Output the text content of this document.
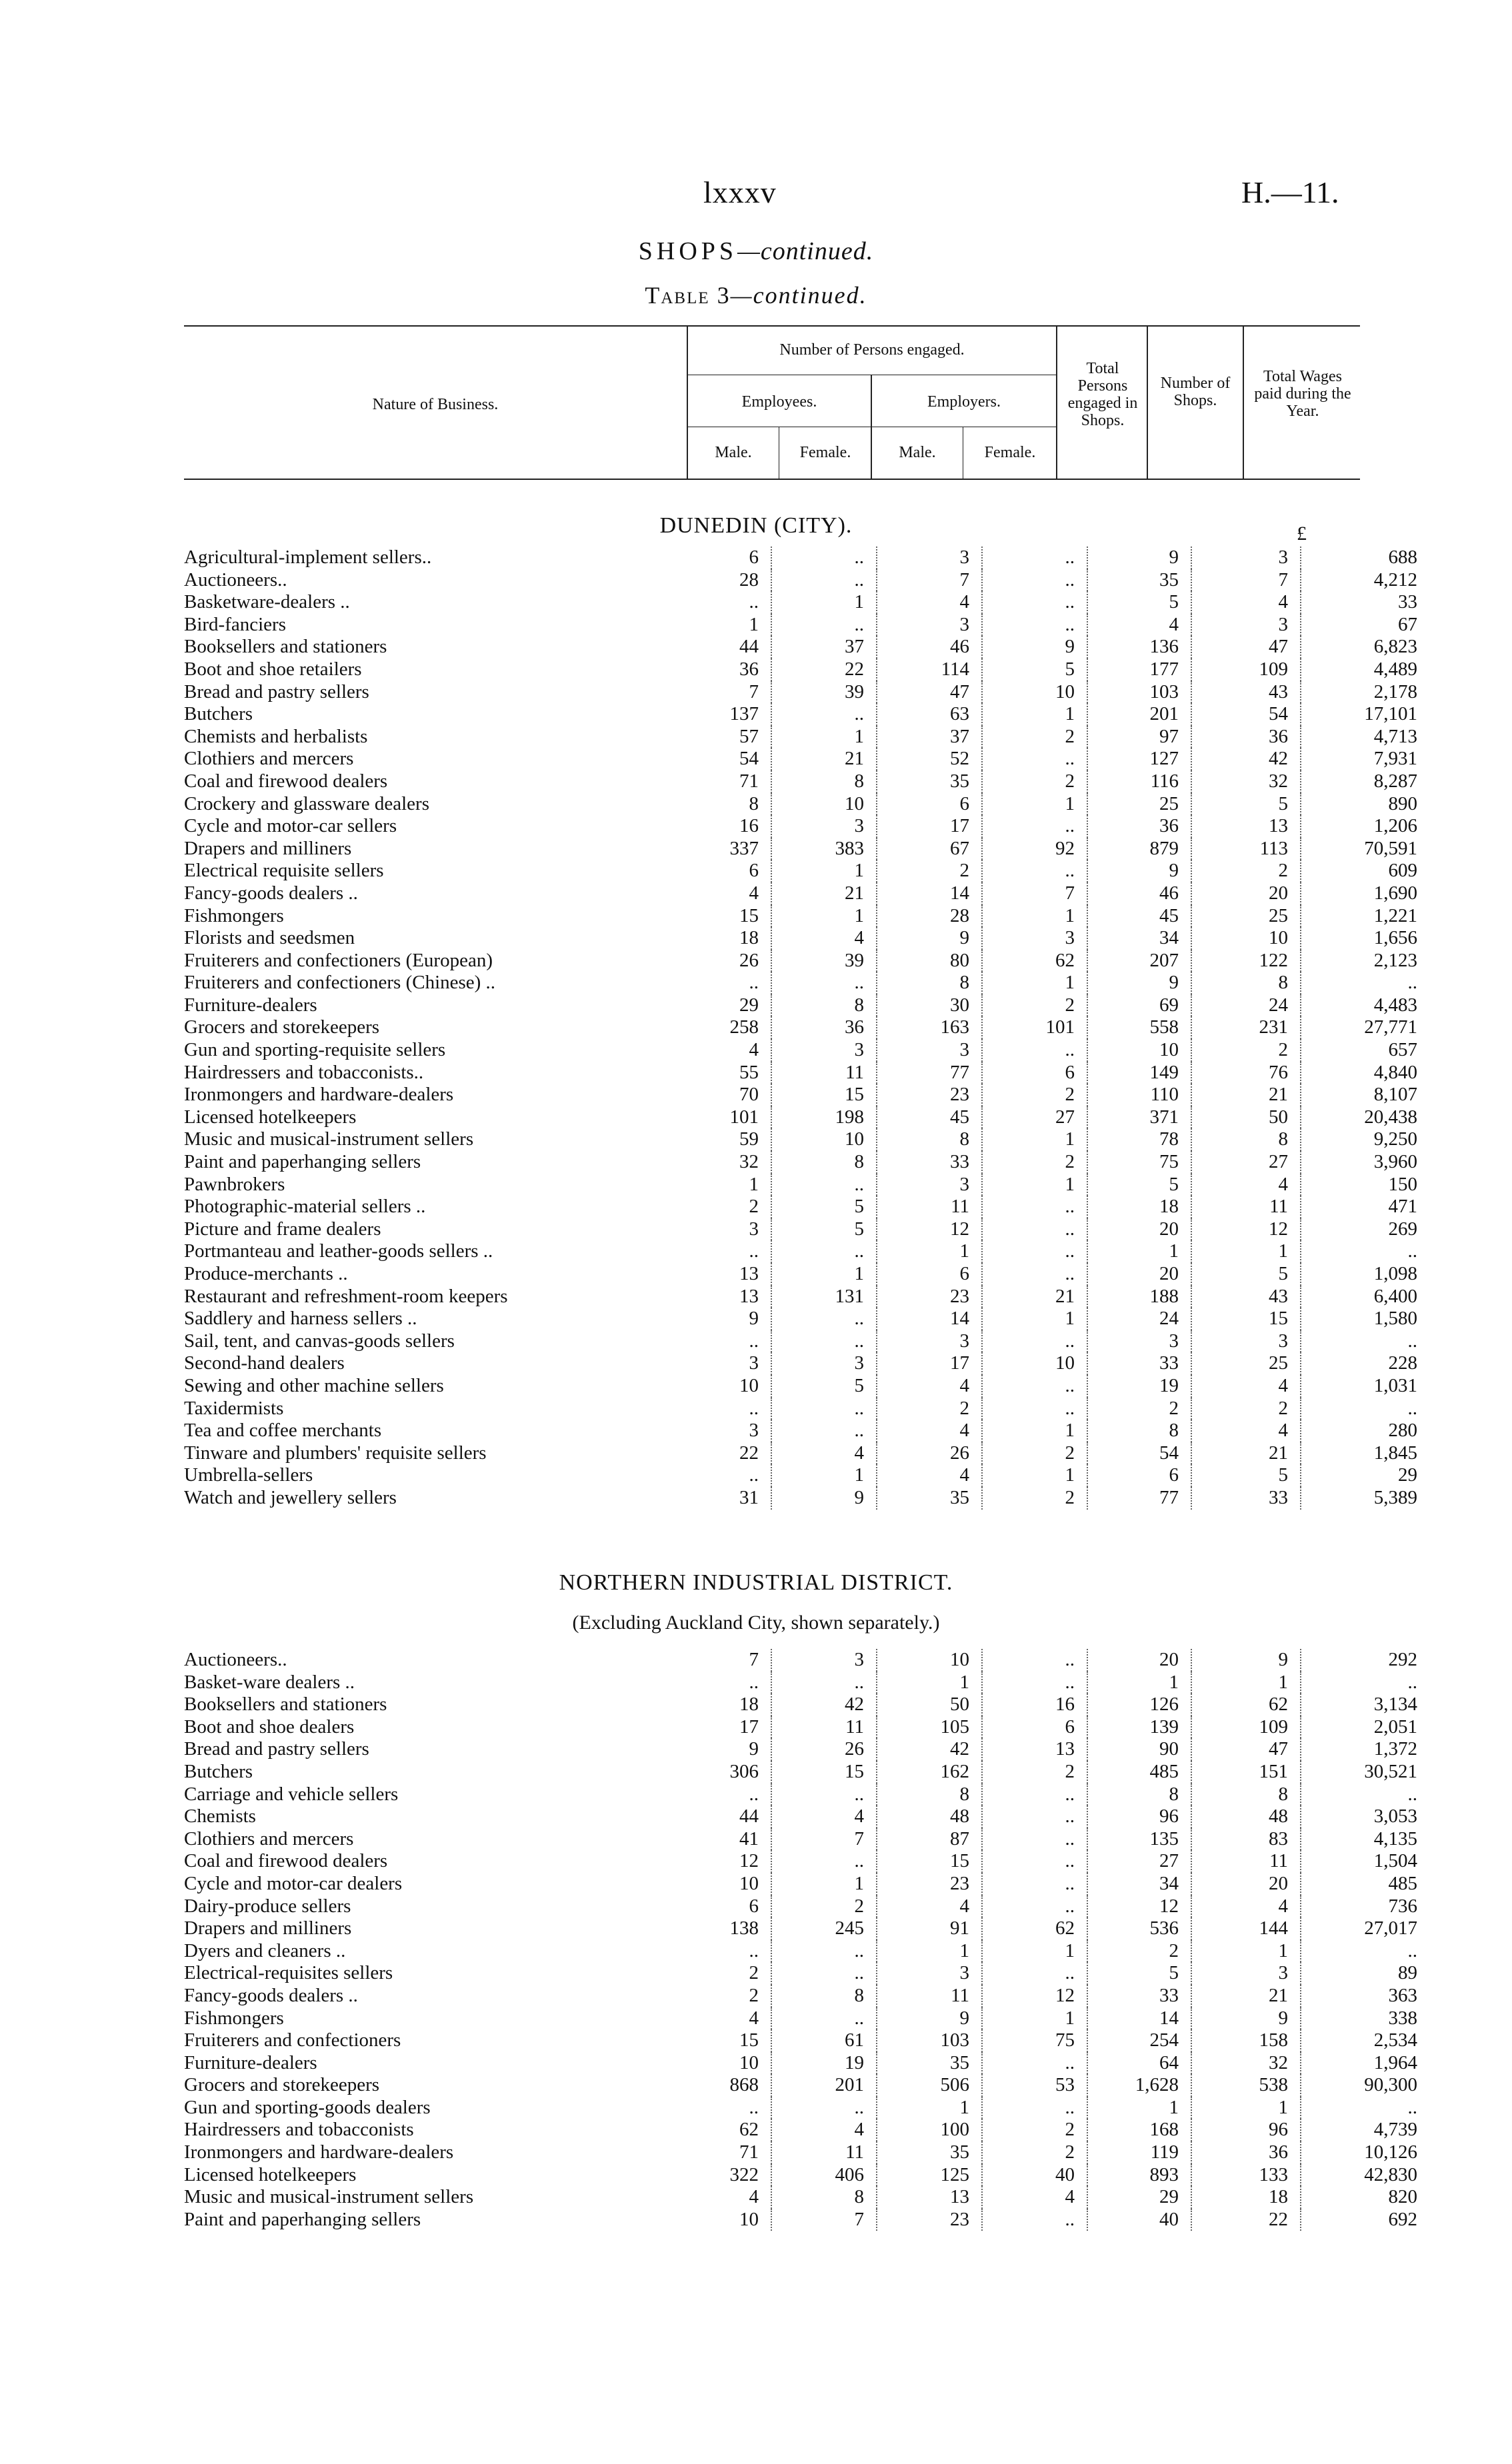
lxxxv	H.—11.
SHOPS—continued.
Table 3—continued.
Nature of Business.
Number of Persons engaged.
Employees.	Employers.
Male.	Female.	Male.	Female.
Total Persons engaged in Shops.
Number of Shops.
Total Wages paid during the Year.
DUNEDIN (CITY).	£
Agricultural-implement sellers..	6	..	3	..	9	3	688
Auctioneers..	28	..	7	..	35	7	4,212
Basketware-dealers ..	..	1	4	..	5	4	33
Bird-fanciers	1	..	3	..	4	3	67
Booksellers and stationers	44	37	46	9	136	47	6,823
Boot and shoe retailers	36	22	114	5	177	109	4,489
Bread and pastry sellers	7	39	47	10	103	43	2,178
Butchers	137	..	63	1	201	54	17,101
Chemists and herbalists	57	1	37	2	97	36	4,713
Clothiers and mercers	54	21	52	..	127	42	7,931
Coal and firewood dealers	71	8	35	2	116	32	8,287
Crockery and glassware dealers	8	10	6	1	25	5	890
Cycle and motor-car sellers	16	3	17	..	36	13	1,206
Drapers and milliners	337	383	67	92	879	113	70,591
Electrical requisite sellers	6	1	2	..	9	2	609
Fancy-goods dealers ..	4	21	14	7	46	20	1,690
Fishmongers	15	1	28	1	45	25	1,221
Florists and seedsmen	18	4	9	3	34	10	1,656
Fruiterers and confectioners (European)	26	39	80	62	207	122	2,123
Fruiterers and confectioners (Chinese) ..	..	..	8	1	9	8	..
Furniture-dealers	29	8	30	2	69	24	4,483
Grocers and storekeepers	258	36	163	101	558	231	27,771
Gun and sporting-requisite sellers	4	3	3	..	10	2	657
Hairdressers and tobacconists..	55	11	77	6	149	76	4,840
Ironmongers and hardware-dealers	70	15	23	2	110	21	8,107
Licensed hotelkeepers	101	198	45	27	371	50	20,438
Music and musical-instrument sellers	59	10	8	1	78	8	9,250
Paint and paperhanging sellers	32	8	33	2	75	27	3,960
Pawnbrokers	1	..	3	1	5	4	150
Photographic-material sellers ..	2	5	11	..	18	11	471
Picture and frame dealers	3	5	12	..	20	12	269
Portmanteau and leather-goods sellers ..	..	..	1	..	1	1	..
Produce-merchants ..	13	1	6	..	20	5	1,098
Restaurant and refreshment-room keepers	13	131	23	21	188	43	6,400
Saddlery and harness sellers ..	9	..	14	1	24	15	1,580
Sail, tent, and canvas-goods sellers	..	..	3	..	3	3	..
Second-hand dealers	3	3	17	10	33	25	228
Sewing and other machine sellers	10	5	4	..	19	4	1,031
Taxidermists	..	..	2	..	2	2	..
Tea and coffee merchants	3	..	4	1	8	4	280
Tinware and plumbers' requisite sellers	22	4	26	2	54	21	1,845
Umbrella-sellers	..	1	4	1	6	5	29
Watch and jewellery sellers	31	9	35	2	77	33	5,389
NORTHERN INDUSTRIAL DISTRICT.
(Excluding Auckland City, shown separately.)
Auctioneers..	7	3	10	..	20	9	292
Basket-ware dealers ..	..	..	1	..	1	1	..
Booksellers and stationers	18	42	50	16	126	62	3,134
Boot and shoe dealers	17	11	105	6	139	109	2,051
Bread and pastry sellers	9	26	42	13	90	47	1,372
Butchers	306	15	162	2	485	151	30,521
Carriage and vehicle sellers	..	..	8	..	8	8	..
Chemists	44	4	48	..	96	48	3,053
Clothiers and mercers	41	7	87	..	135	83	4,135
Coal and firewood dealers	12	..	15	..	27	11	1,504
Cycle and motor-car dealers	10	1	23	..	34	20	485
Dairy-produce sellers	6	2	4	..	12	4	736
Drapers and milliners	138	245	91	62	536	144	27,017
Dyers and cleaners ..	..	..	1	1	2	1	..
Electrical-requisites sellers	2	..	3	..	5	3	89
Fancy-goods dealers ..	2	8	11	12	33	21	363
Fishmongers	4	..	9	1	14	9	338
Fruiterers and confectioners	15	61	103	75	254	158	2,534
Furniture-dealers	10	19	35	..	64	32	1,964
Grocers and storekeepers	868	201	506	53	1,628	538	90,300
Gun and sporting-goods dealers	..	..	1	..	1	1	..
Hairdressers and tobacconists	62	4	100	2	168	96	4,739
Ironmongers and hardware-dealers	71	11	35	2	119	36	10,126
Licensed hotelkeepers	322	406	125	40	893	133	42,830
Music and musical-instrument sellers	4	8	13	4	29	18	820
Paint and paperhanging sellers	10	7	23	..	40	22	692
